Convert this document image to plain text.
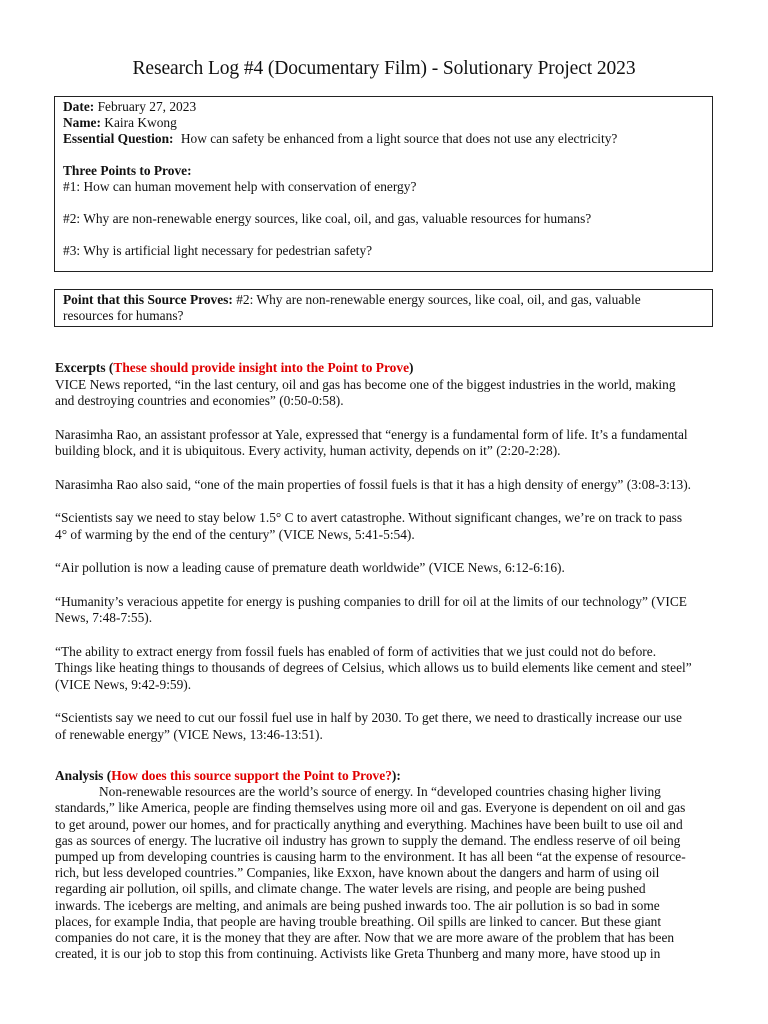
Research Log #4 (Documentary Film) - Solutionary Project 2023
Date: February 27, 2023
Name: Kaira Kwong
Essential Question: How can safety be enhanced from a light source that does not use any electricity?
Three Points to Prove:
#1: How can human movement help with conservation of energy?
#2: Why are non-renewable energy sources, like coal, oil, and gas, valuable resources for humans?
#3: Why is artificial light necessary for pedestrian safety?
Point that this Source Proves: #2: Why are non-renewable energy sources, like coal, oil, and gas, valuable
resources for humans?
Excerpts (These should provide insight into the Point to Prove)
VICE News reported, “in the last century, oil and gas has become one of the biggest industries in the world, making
and destroying countries and economies” (0:50-0:58).
Narasimha Rao, an assistant professor at Yale, expressed that “energy is a fundamental form of life. It’s a fundamental
building block, and it is ubiquitous. Every activity, human activity, depends on it” (2:20-2:28).
Narasimha Rao also said, “one of the main properties of fossil fuels is that it has a high density of energy” (3:08-3:13).
“Scientists say we need to stay below 1.5° C to avert catastrophe. Without significant changes, we’re on track to pass
4° of warming by the end of the century” (VICE News, 5:41-5:54).
“Air pollution is now a leading cause of premature death worldwide” (VICE News, 6:12-6:16).
“Humanity’s veracious appetite for energy is pushing companies to drill for oil at the limits of our technology” (VICE
News, 7:48-7:55).
“The ability to extract energy from fossil fuels has enabled of form of activities that we just could not do before.
Things like heating things to thousands of degrees of Celsius, which allows us to build elements like cement and steel”
(VICE News, 9:42-9:59).
“Scientists say we need to cut our fossil fuel use in half by 2030. To get there, we need to drastically increase our use
of renewable energy” (VICE News, 13:46-13:51).
Analysis (How does this source support the Point to Prove?):

Non-renewable resources are the world’s source of energy. In “developed countries chasing higher living
standards,” like America, people are finding themselves using more oil and gas. Everyone is dependent on oil and gas
to get around, power our homes, and for practically anything and everything. Machines have been built to use oil and
gas as sources of energy. The lucrative oil industry has grown to supply the demand. The endless reserve of oil being
pumped up from developing countries is causing harm to the environment. It has all been “at the expense of resource-
rich, but less developed countries.” Companies, like Exxon, have known about the dangers and harm of using oil
regarding air pollution, oil spills, and climate change. The water levels are rising, and people are being pushed
inwards. The icebergs are melting, and animals are being pushed inwards too. The air pollution is so bad in some
places, for example India, that people are having trouble breathing. Oil spills are linked to cancer. But these giant
companies do not care, it is the money that they are after. Now that we are more aware of the problem that has been
created, it is our job to stop this from continuing. Activists like Greta Thunberg and many more, have stood up in
